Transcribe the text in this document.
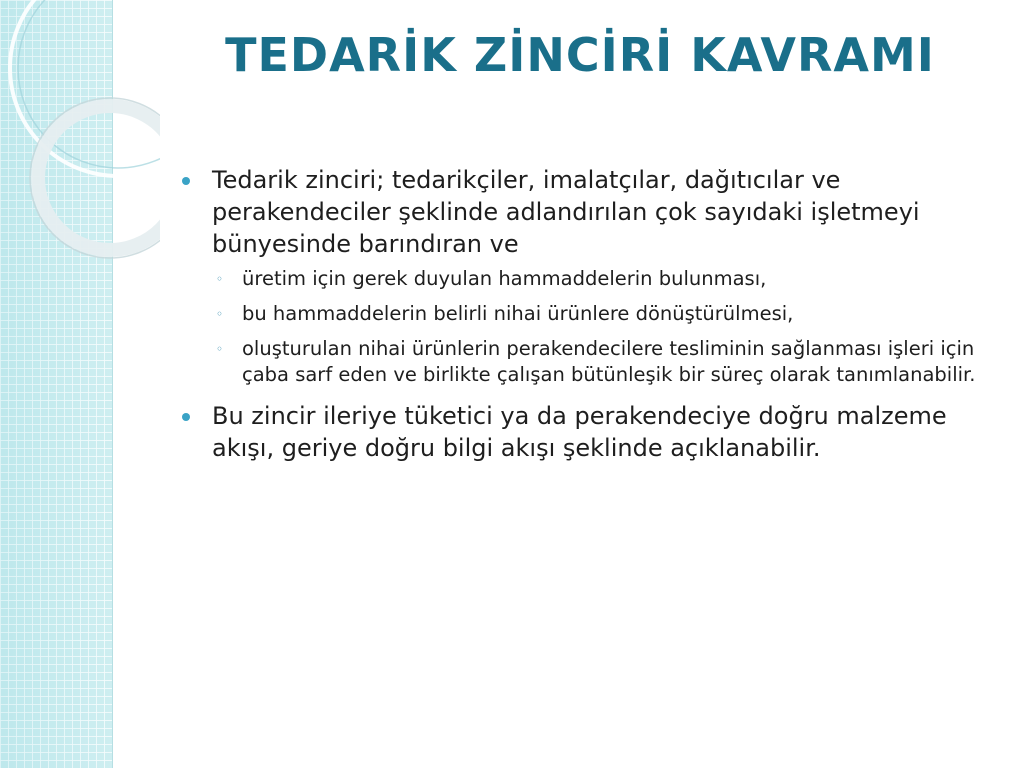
TEDARİK ZİNCİRİ KAVRAMI
Tedarik zinciri; tedarikçiler, imalatçılar, dağıtıcılar ve perakendeciler şeklinde adlandırılan çok sayıdaki işletmeyi bünyesinde barındıran ve
◦ üretim için gerek duyulan hammaddelerin bulunması,
◦ bu hammaddelerin belirli nihai ürünlere dönüştürülmesi,
◦ oluşturulan nihai ürünlerin perakendecilere tesliminin sağlanması işleri için çaba sarf eden ve birlikte çalışan bütünleşik bir süreç olarak tanımlanabilir.
Bu zincir ileriye tüketici ya da perakendeciye doğru malzeme akışı, geriye doğru bilgi akışı şeklinde açıklanabilir.
